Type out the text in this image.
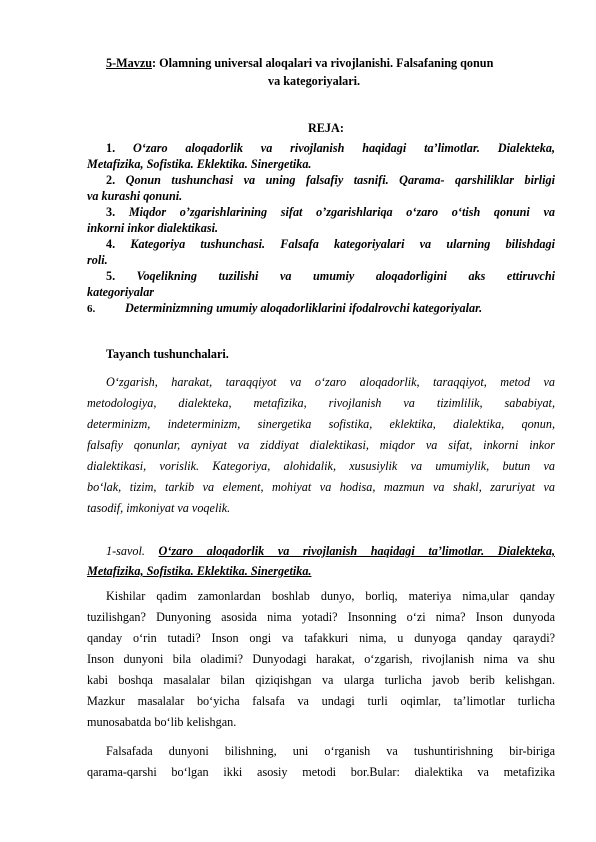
5-Mavzu: Olamning universal aloqalari va rivojlanishi. Falsafaning qonun
va kategoriyalari.
REJA:
1. O‘zaro aloqadorlik va rivojlanish haqidagi ta’limotlar. Dialekteka,
Metafizika, Sofistika. Eklektika. Sinergetika.
2. Qonun tushunchasi va uning falsafiy tasnifi. Qarama- qarshiliklar birligi
va kurashi qonuni.
3. Miqdor o’zgarishlarining sifat o’zgarishlariqa o‘zaro o‘tish qonuni va
inkorni inkor dialektikasi.
4. Kategoriya tushunchasi. Falsafa kategoriyalari va ularning bilishdagi
roli.
5. Voqelikning tuzilishi va umumiy aloqadorligini aks ettiruvchi
kategoriyalar
6. Determinizmning umumiy aloqadorliklarini ifodalrovchi kategoriyalar.
Tayanch tushunchalari.
O‘zgarish, harakat, taraqqiyot va o‘zaro aloqadorlik, taraqqiyot, metod va
metodologiya, dialekteka, metafizika, rivojlanish va tizimlilik, sababiyat,
determinizm, indeterminizm, sinergetika sofistika, eklektika, dialektika, qonun,
falsafiy qonunlar, ayniyat va ziddiyat dialektikasi, miqdor va sifat, inkorni inkor
dialektikasi, vorislik. Kategoriya, alohidalik, xususiylik va umumiylik, butun va
bo‘lak, tizim, tarkib va element, mohiyat va hodisa, mazmun va shakl, zaruriyat va
tasodif, imkoniyat va voqelik.
1-savol. O‘zaro aloqadorlik va rivojlanish haqidagi ta’limotlar. Dialekteka,
Metafizika, Sofistika. Eklektika. Sinergetika.
Kishilar qadim zamonlardan boshlab dunyo, borliq, materiya nima,ular qanday
tuzilishgan? Dunyoning asosida nima yotadi? Insonning o‘zi nima? Inson dunyoda
qanday o‘rin tutadi? Inson ongi va tafakkuri nima, u dunyoga qanday qaraydi?
Inson dunyoni bila oladimi? Dunyodagi harakat, o‘zgarish, rivojlanish nima va shu
kabi boshqa masalalar bilan qiziqishgan va ularga turlicha javob berib kelishgan.
Mazkur masalalar bo‘yicha falsafa va undagi turli oqimlar, ta’limotlar turlicha
munosabatda bo‘lib kelishgan.
Falsafada dunyoni bilishning, uni o‘rganish va tushuntirishning bir-biriga
qarama-qarshi bo‘lgan ikki asosiy metodi bor.Bular: dialektika va metafizika
